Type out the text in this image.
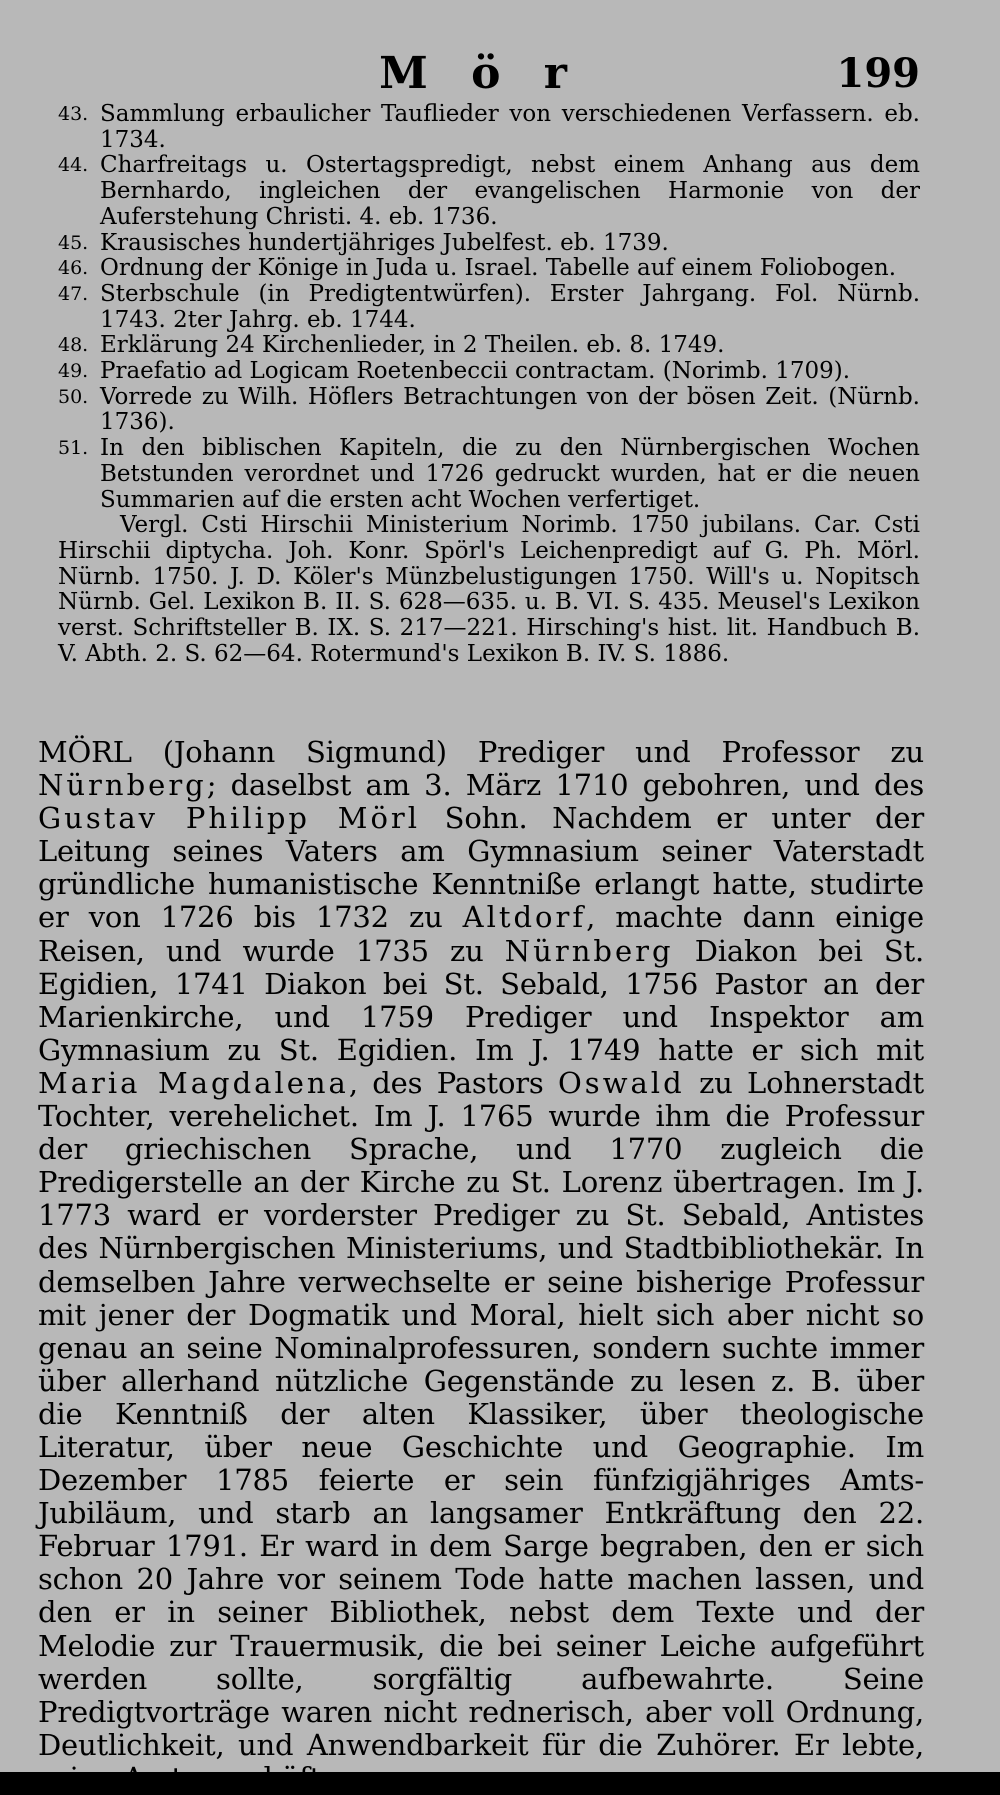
M ö r	199
43. Sammlung erbaulicher Tauflieder von verschiedenen Verfassern. eb. 1734.
44. Charfreitags u. Ostertagspredigt, nebst einem Anhang aus dem Bernhardo, ingleichen der evangelischen Harmonie von der Auferstehung Christi. 4. eb. 1736.
45. Krausisches hundertjähriges Jubelfest. eb. 1739.
46. Ordnung der Könige in Juda u. Israel. Tabelle auf einem Foliobogen.
47. Sterbschule (in Predigtentwürfen). Erster Jahrgang. Fol. Nürnb. 1743. 2ter Jahrg. eb. 1744.
48. Erklärung 24 Kirchenlieder, in 2 Theilen. eb. 8. 1749.
49. Praefatio ad Logicam Roetenbeccii contractam. (Norimb. 1709).
50. Vorrede zu Wilh. Höflers Betrachtungen von der bösen Zeit. (Nürnb. 1736).
51. In den biblischen Kapiteln, die zu den Nürnbergischen Wochen Betstunden verordnet und 1726 gedruckt wurden, hat er die neuen Summarien auf die ersten acht Wochen verfertiget.
Vergl. Csti Hirschii Ministerium Norimb. 1750 jubilans. Car. Csti Hirschii diptycha. Joh. Konr. Spörl's Leichenpredigt auf G. Ph. Mörl. Nürnb. 1750. J. D. Köler's Münzbelustigungen 1750. Will's u. Nopitsch Nürnb. Gel. Lexikon B. II. S. 628—635. u. B. VI. S. 435. Meusel's Lexikon verst. Schriftsteller B. IX. S. 217—221. Hirsching's hist. lit. Handbuch B. V. Abth. 2. S. 62—64. Rotermund's Lexikon B. IV. S. 1886.
MÖRL (Johann Sigmund) Prediger und Professor zu Nürnberg; daselbst am 3. März 1710 gebohren, und des Gustav Philipp Mörl Sohn. Nachdem er unter der Leitung seines Vaters am Gymnasium seiner Vaterstadt gründliche humanistische Kenntniße erlangt hatte, studirte er von 1726 bis 1732 zu Altdorf, machte dann einige Reisen, und wurde 1735 zu Nürnberg Diakon bei St. Egidien, 1741 Diakon bei St. Sebald, 1756 Pastor an der Marienkirche, und 1759 Prediger und Inspektor am Gymnasium zu St. Egidien. Im J. 1749 hatte er sich mit Maria Magdalena, des Pastors Oswald zu Lohnerstadt Tochter, verehelichet. Im J. 1765 wurde ihm die Professur der griechischen Sprache, und 1770 zugleich die Predigerstelle an der Kirche zu St. Lorenz übertragen. Im J. 1773 ward er vorderster Prediger zu St. Sebald, Antistes des Nürnbergischen Ministeriums, und Stadtbibliothekär. In demselben Jahre verwechselte er seine bisherige Professur mit jener der Dogmatik und Moral, hielt sich aber nicht so genau an seine Nominalprofessuren, sondern suchte immer über allerhand nützliche Gegenstände zu lesen z. B. über die Kenntniß der alten Klassiker, über theologische Literatur, über neue Geschichte und Geographie. Im Dezember 1785 feierte er sein fünfzigjähriges Amts-Jubiläum, und starb an langsamer Entkräftung den 22. Februar 1791. Er ward in dem Sarge begraben, den er sich schon 20 Jahre vor seinem Tode hatte machen lassen, und den er in seiner Bibliothek, nebst dem Texte und der Melodie zur Trauermusik, die bei seiner Leiche aufgeführt werden sollte, sorgfältig aufbewahrte. Seine Predigtvorträge waren nicht rednerisch, aber voll Ordnung, Deutlichkeit, und Anwendbarkeit für die Zuhörer. Er lebte, seine Amtsgeschäfte
